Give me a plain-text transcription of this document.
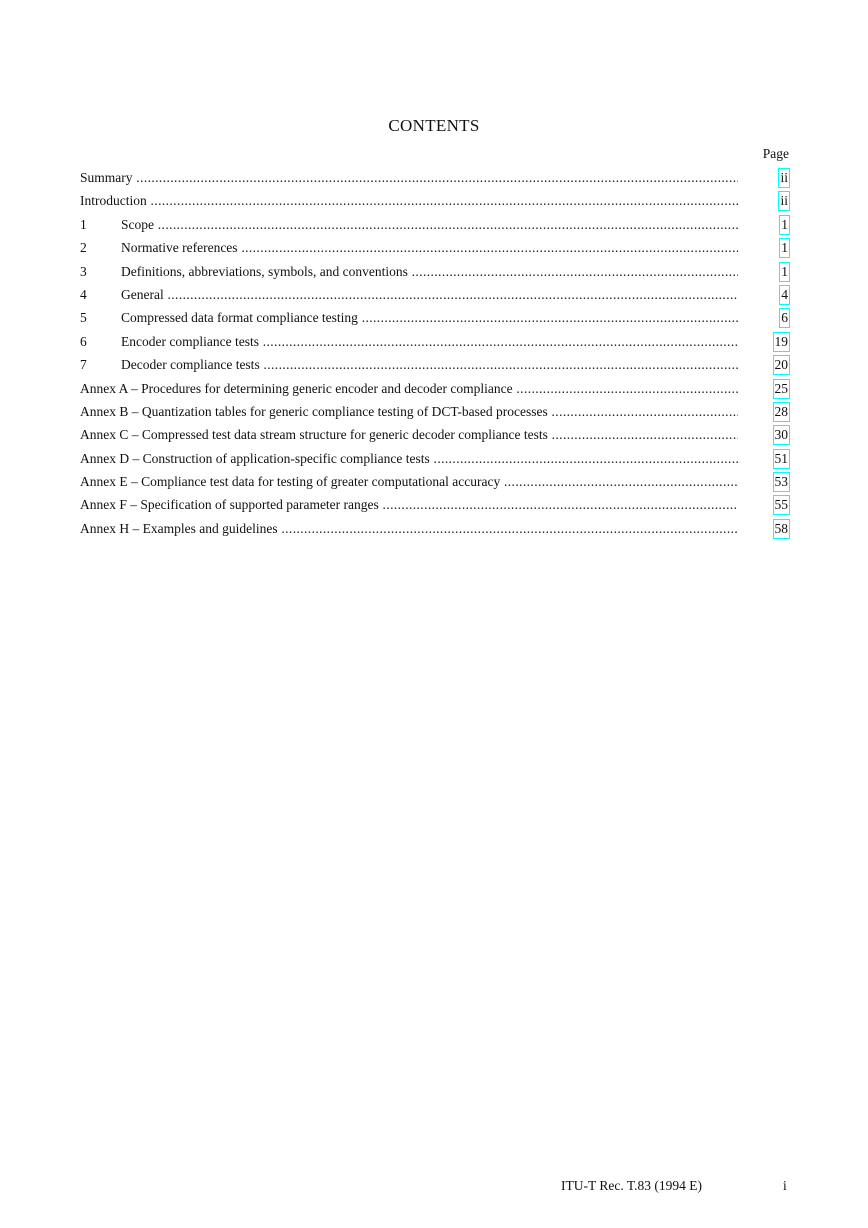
CONTENTS
Page
Summary .....	ii
Introduction .....	ii
1	Scope .....	1
2	Normative references .....	1
3	Definitions, abbreviations, symbols, and conventions .....	1
4	General .....	4
5	Compressed data format compliance testing .....	6
6	Encoder compliance tests .....	19
7	Decoder compliance tests .....	20
Annex A – Procedures for determining generic encoder and decoder compliance .....	25
Annex B – Quantization tables for generic compliance testing of DCT-based processes .....	28
Annex C – Compressed test data stream structure for generic decoder compliance tests .....	30
Annex D – Construction of application-specific compliance tests .....	51
Annex E – Compliance test data for testing of greater computational accuracy .....	53
Annex F – Specification of supported parameter ranges .....	55
Annex H – Examples and guidelines .....	58
ITU-T Rec. T.83 (1994 E)	i
